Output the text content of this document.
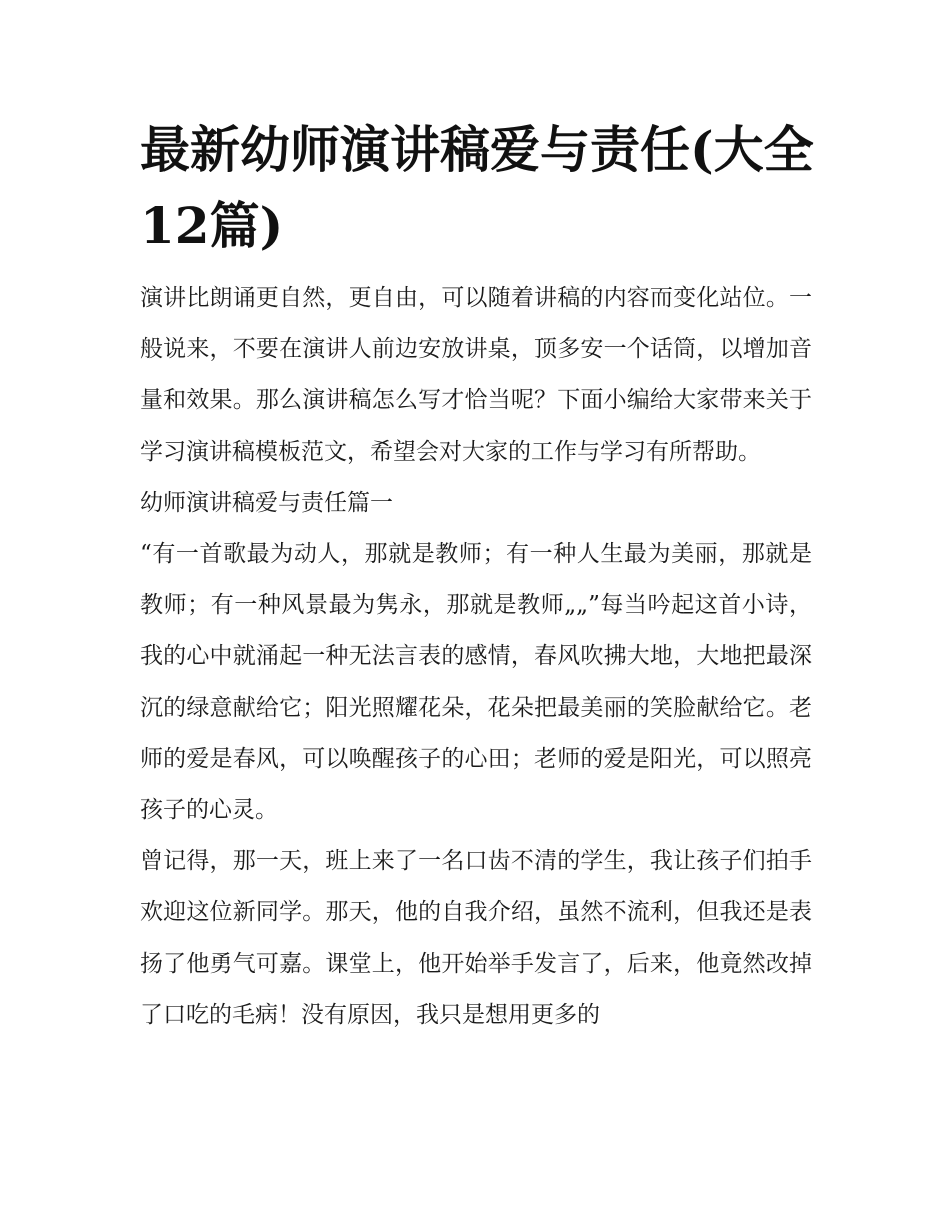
最新幼师演讲稿爱与责任(大全12篇)

演讲比朗诵更自然，更自由，可以随着讲稿的内容而变化站位。一般说来，不要在演讲人前边安放讲桌，顶多安一个话筒，以增加音量和效果。那么演讲稿怎么写才恰当呢？下面小编给大家带来关于学习演讲稿模板范文，希望会对大家的工作与学习有所帮助。

幼师演讲稿爱与责任篇一

“有一首歌最为动人，那就是教师；有一种人生最为美丽，那就是教师；有一种风景最为隽永，那就是教师„„”每当吟起这首小诗，我的心中就涌起一种无法言表的感情，春风吹拂大地，大地把最深沉的绿意献给它；阳光照耀花朵，花朵把最美丽的笑脸献给它。老师的爱是春风，可以唤醒孩子的心田；老师的爱是阳光，可以照亮孩子的心灵。

曾记得，那一天，班上来了一名口齿不清的学生，我让孩子们拍手欢迎这位新同学。那天，他的自我介绍，虽然不流利，但我还是表扬了他勇气可嘉。课堂上，他开始举手发言了，后来，他竟然改掉了口吃的毛病！没有原因，我只是想用更多的
